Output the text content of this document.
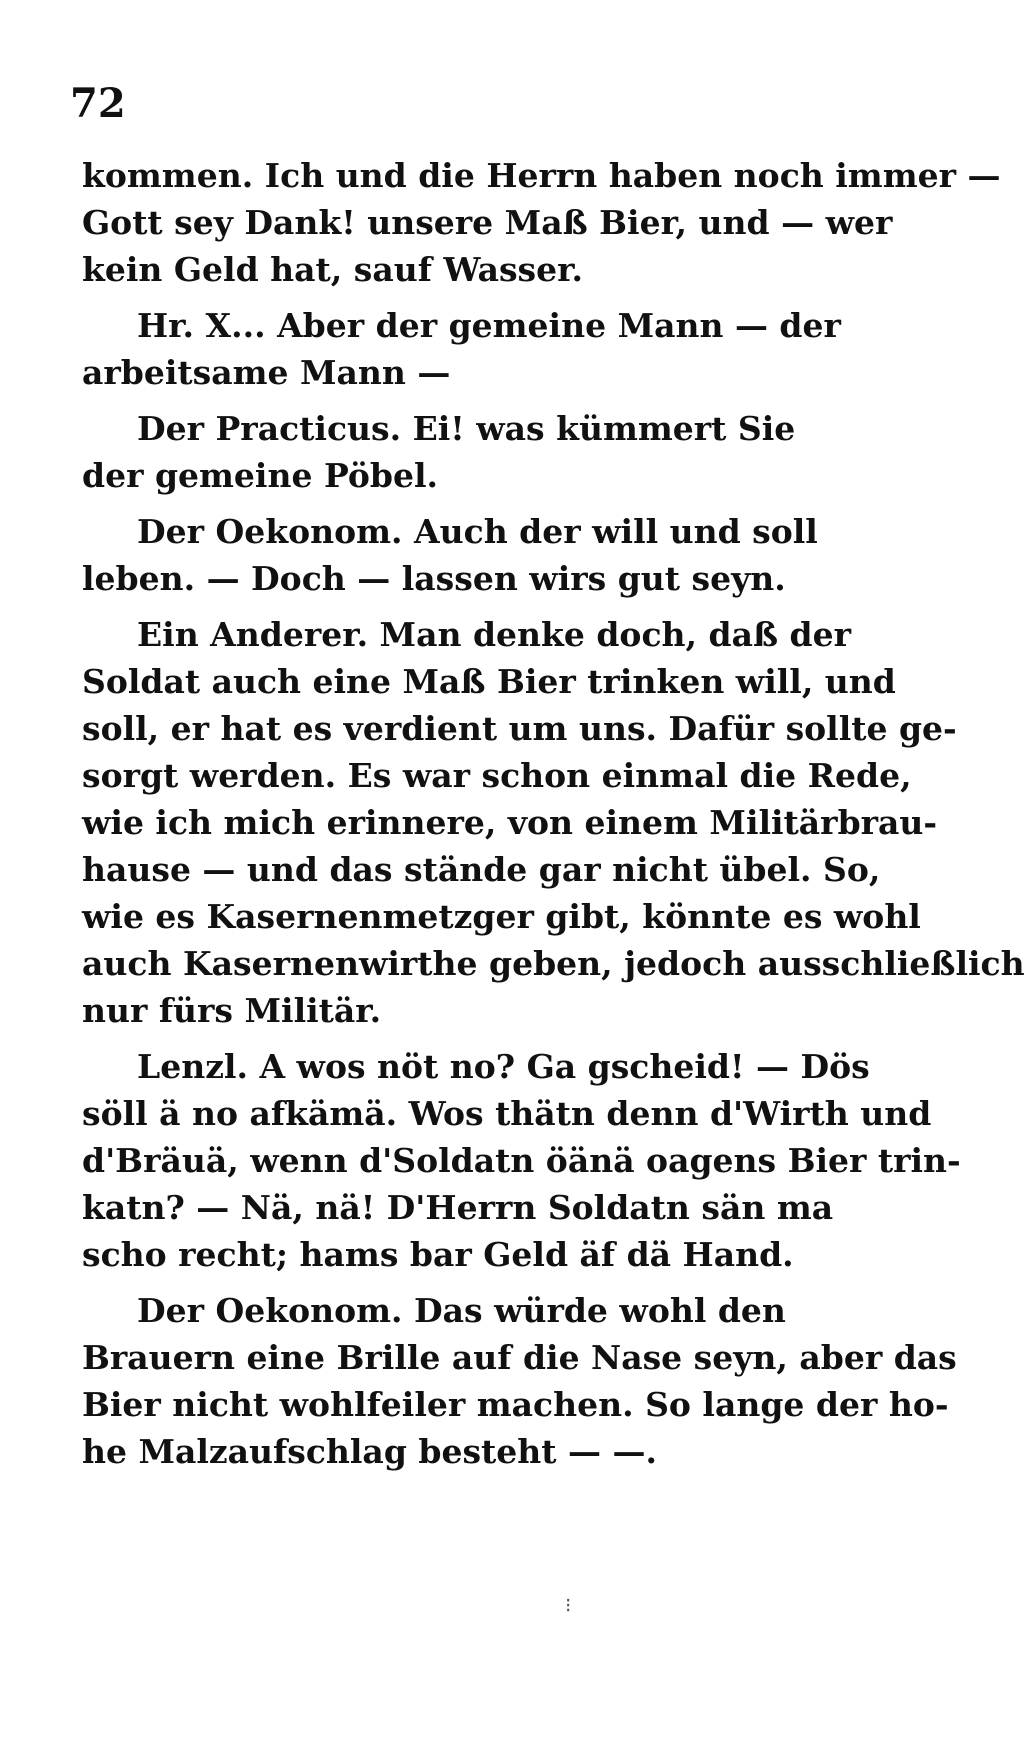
72
kommen. Ich und die Herrn haben noch immer —
Gott sey Dank! unsere Maß Bier, und — wer
kein Geld hat, sauf Wasser.
Hr. X... Aber der gemeine Mann — der
arbeitsame Mann —
Der Practicus. Ei! was kümmert Sie
der gemeine Pöbel.
Der Oekonom. Auch der will und soll
leben. — Doch — lassen wirs gut seyn.
Ein Anderer. Man denke doch, daß der
Soldat auch eine Maß Bier trinken will, und
soll, er hat es verdient um uns. Dafür sollte ge-
sorgt werden. Es war schon einmal die Rede,
wie ich mich erinnere, von einem Militärbrau-
hause — und das stände gar nicht übel. So,
wie es Kasernenmetzger gibt, könnte es wohl
auch Kasernenwirthe geben, jedoch ausschließlich
nur fürs Militär.
Lenzl. A wos nöt no? Ga gscheid! — Dös
söll ä no afkämä. Wos thätn denn d'Wirth und
d'Bräuä, wenn d'Soldatn öänä oagens Bier trin-
katn? — Nä, nä! D'Herrn Soldatn sän ma
scho recht; hams bar Geld äf dä Hand.
Der Oekonom. Das würde wohl den
Brauern eine Brille auf die Nase seyn, aber das
Bier nicht wohlfeiler machen. So lange der ho-
he Malzaufschlag besteht — —.
⁝
